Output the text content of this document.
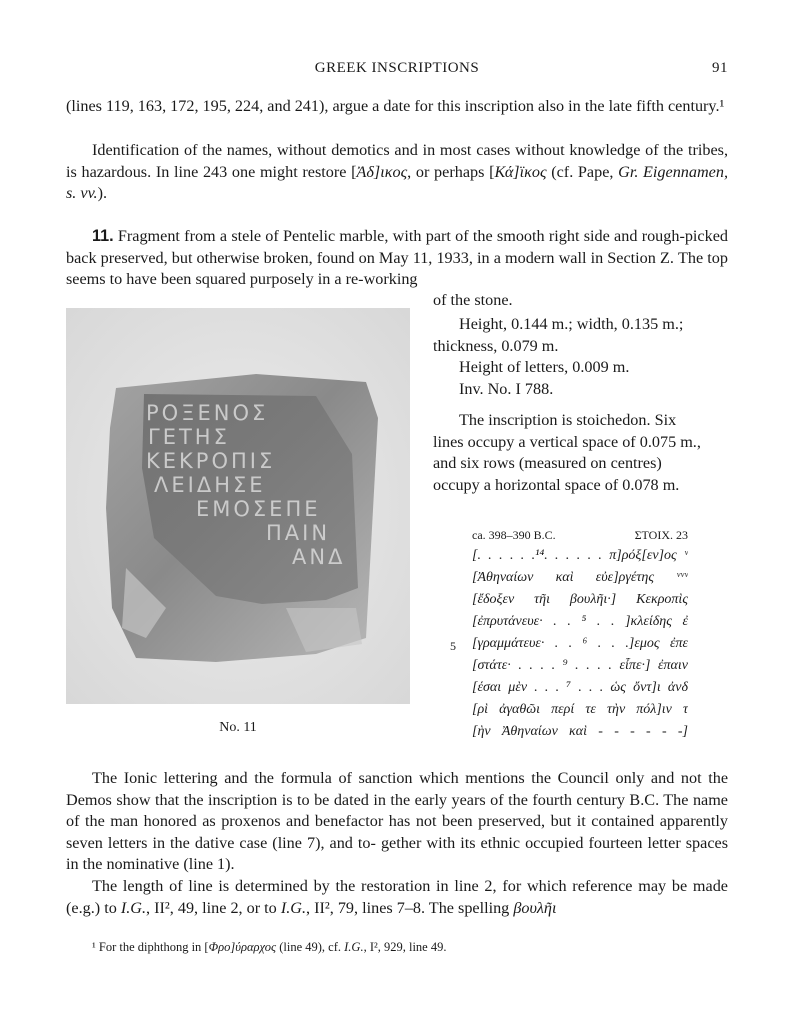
GREEK INSCRIPTIONS	91

(lines 119, 163, 172, 195, 224, and 241), argue a date for this inscription also in the late fifth century.¹

Identification of the names, without demotics and in most cases without knowledge of the tribes, is hazardous. In line 243 one might restore [Ἀδ]ικος, or perhaps [Κά]ϊκος (cf. Pape, Gr. Eigennamen, s. vv.).

11. Fragment from a stele of Pentelic marble, with part of the smooth right side and rough-picked back preserved, but otherwise broken, found on May 11, 1933, in a modern wall in Section Ζ. The top seems to have been squared purposely in a re-working

of the stone.

ΡΟΞΕΝΟΣ
ΓΕΤΗΣ
ΚΕΚΡΟΠΙΣ
ΛΕΙΔΗΣΕ
ΕΜΟΣΕΠΕ
ΠΑΙΝ
ΑΝΔ
No. 11

Height, 0.144 m.; width, 0.135 m.;
thickness, 0.079 m.
Height of letters, 0.009 m.
Inv. No. I 788.

The inscription is stoichedon. Six
lines occupy a vertical space of 0.075 m.,
and six rows (measured on centres)
occupy a horizontal space of 0.078 m.

ca. 398–390 B.C.	ΣΤΟΙΧ. 23
[. . . . . .¹⁴. . . . . . π]ρόξ[εν]ος ᵛ
[Ἀθηναίων καὶ εὐε]ργέτης ᵛᵛᵛ
[ἔδοξεν τῆι βουλῆι·] Κεκροπὶς
[ἐπρυτάνευε· . . ⁵ . . ]κλείδης ἐ
5 [γραμμάτευε· . . ⁶ . . .]εμος ἐπε
[στάτε· . . . . ⁹ . . . . εἶπε·] ἐπαιν
[έσαι μὲν . . . ⁷ . . . ὡς ὄντ]ι ἀνδ
[ρὶ ἀγαθῶι περί τε τὴν πόλ]ιν τ
[ὴν Ἀθηναίων καὶ - - - - - -]

The Ionic lettering and the formula of sanction which mentions the Council only and not the Demos show that the inscription is to be dated in the early years of the fourth century B.C. The name of the man honored as proxenos and benefactor has not been preserved, but it contained apparently seven letters in the dative case (line 7), and to- gether with its ethnic occupied fourteen letter spaces in the nominative (line 1).

The length of line is determined by the restoration in line 2, for which reference may be made (e.g.) to I.G., II², 49, line 2, or to I.G., II², 79, lines 7–8. The spelling βουλῆι

¹ For the diphthong in [Φρο]ύραρχος (line 49), cf. I.G., I², 929, line 49.
